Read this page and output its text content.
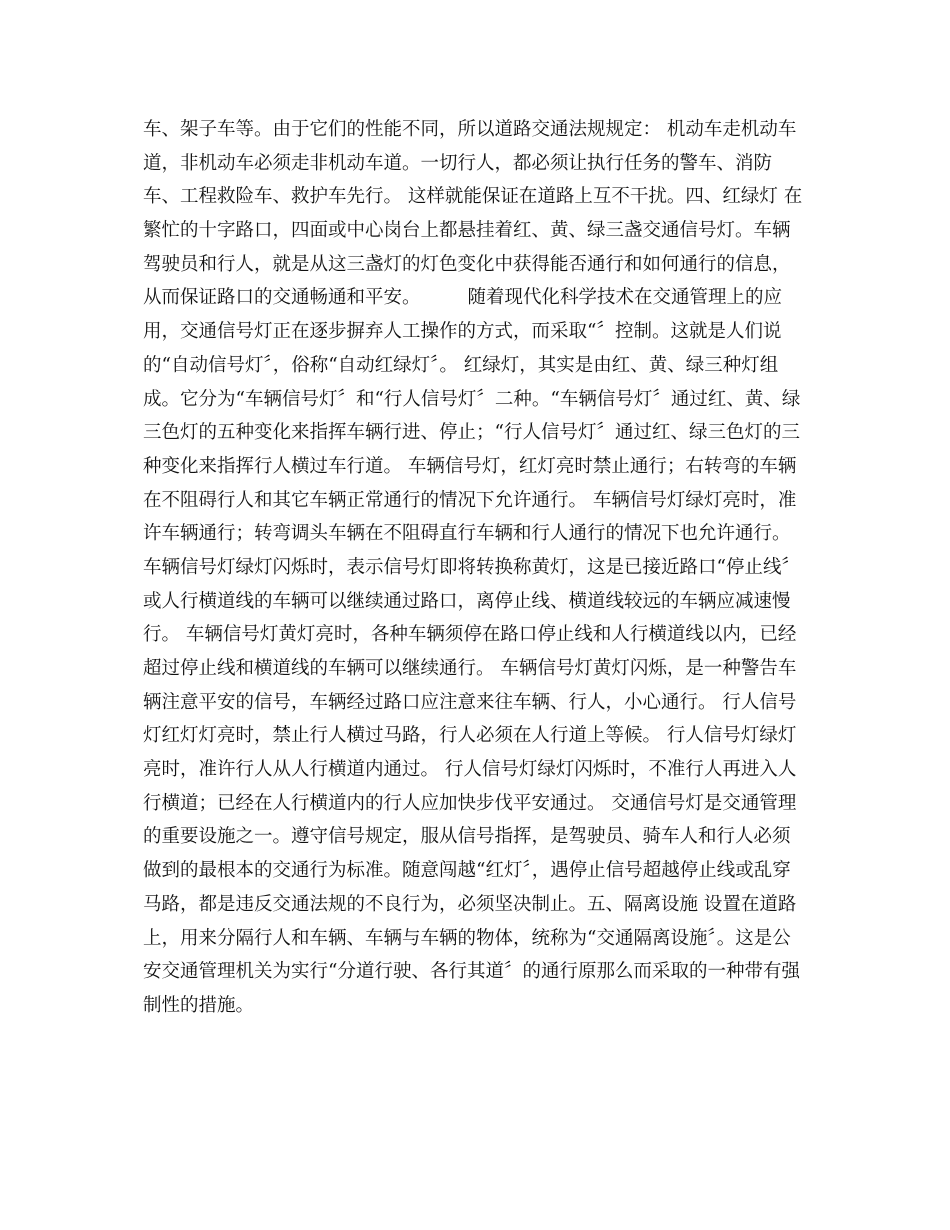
车、架子车等。由于它们的性能不同，所以道路交通法规规定： 机动车走机动车
道，非机动车必须走非机动车道。一切行人，都必须让执行任务的警车、消防
车、工程救险车、救护车先行。 这样就能保证在道路上互不干扰。四、红绿灯 在
繁忙的十字路口，四面或中心岗台上都悬挂着红、黄、绿三盏交通信号灯。车辆
驾驶员和行人，就是从这三盏灯的灯色变化中获得能否通行和如何通行的信息，
从而保证路口的交通畅通和平安。        随着现代化科学技术在交通管理上的应
用，交通信号灯正在逐步摒弃人工操作的方式，而采取“〞控制。这就是人们说
的“自动信号灯〞，俗称“自动红绿灯〞。 红绿灯，其实是由红、黄、绿三种灯组
成。它分为“车辆信号灯〞和“行人信号灯〞二种。“车辆信号灯〞通过红、黄、绿
三色灯的五种变化来指挥车辆行进、停止；“行人信号灯〞通过红、绿三色灯的三
种变化来指挥行人横过车行道。 车辆信号灯，红灯亮时禁止通行；右转弯的车辆
在不阻碍行人和其它车辆正常通行的情况下允许通行。 车辆信号灯绿灯亮时，准
许车辆通行；转弯调头车辆在不阻碍直行车辆和行人通行的情况下也允许通行。
车辆信号灯绿灯闪烁时，表示信号灯即将转换称黄灯，这是已接近路口“停止线〞
或人行横道线的车辆可以继续通过路口，离停止线、横道线较远的车辆应减速慢
行。 车辆信号灯黄灯亮时，各种车辆须停在路口停止线和人行横道线以内，已经
超过停止线和横道线的车辆可以继续通行。 车辆信号灯黄灯闪烁，是一种警告车
辆注意平安的信号，车辆经过路口应注意来往车辆、行人，小心通行。 行人信号
灯红灯灯亮时，禁止行人横过马路，行人必须在人行道上等候。 行人信号灯绿灯
亮时，准许行人从人行横道内通过。 行人信号灯绿灯闪烁时，不准行人再进入人
行横道；已经在人行横道内的行人应加快步伐平安通过。 交通信号灯是交通管理
的重要设施之一。遵守信号规定，服从信号指挥，是驾驶员、骑车人和行人必须
做到的最根本的交通行为标准。随意闯越“红灯〞，遇停止信号超越停止线或乱穿
马路，都是违反交通法规的不良行为，必须坚决制止。五、隔离设施 设置在道路
上，用来分隔行人和车辆、车辆与车辆的物体，统称为“交通隔离设施〞。这是公
安交通管理机关为实行“分道行驶、各行其道〞的通行原那么而采取的一种带有强
制性的措施。
